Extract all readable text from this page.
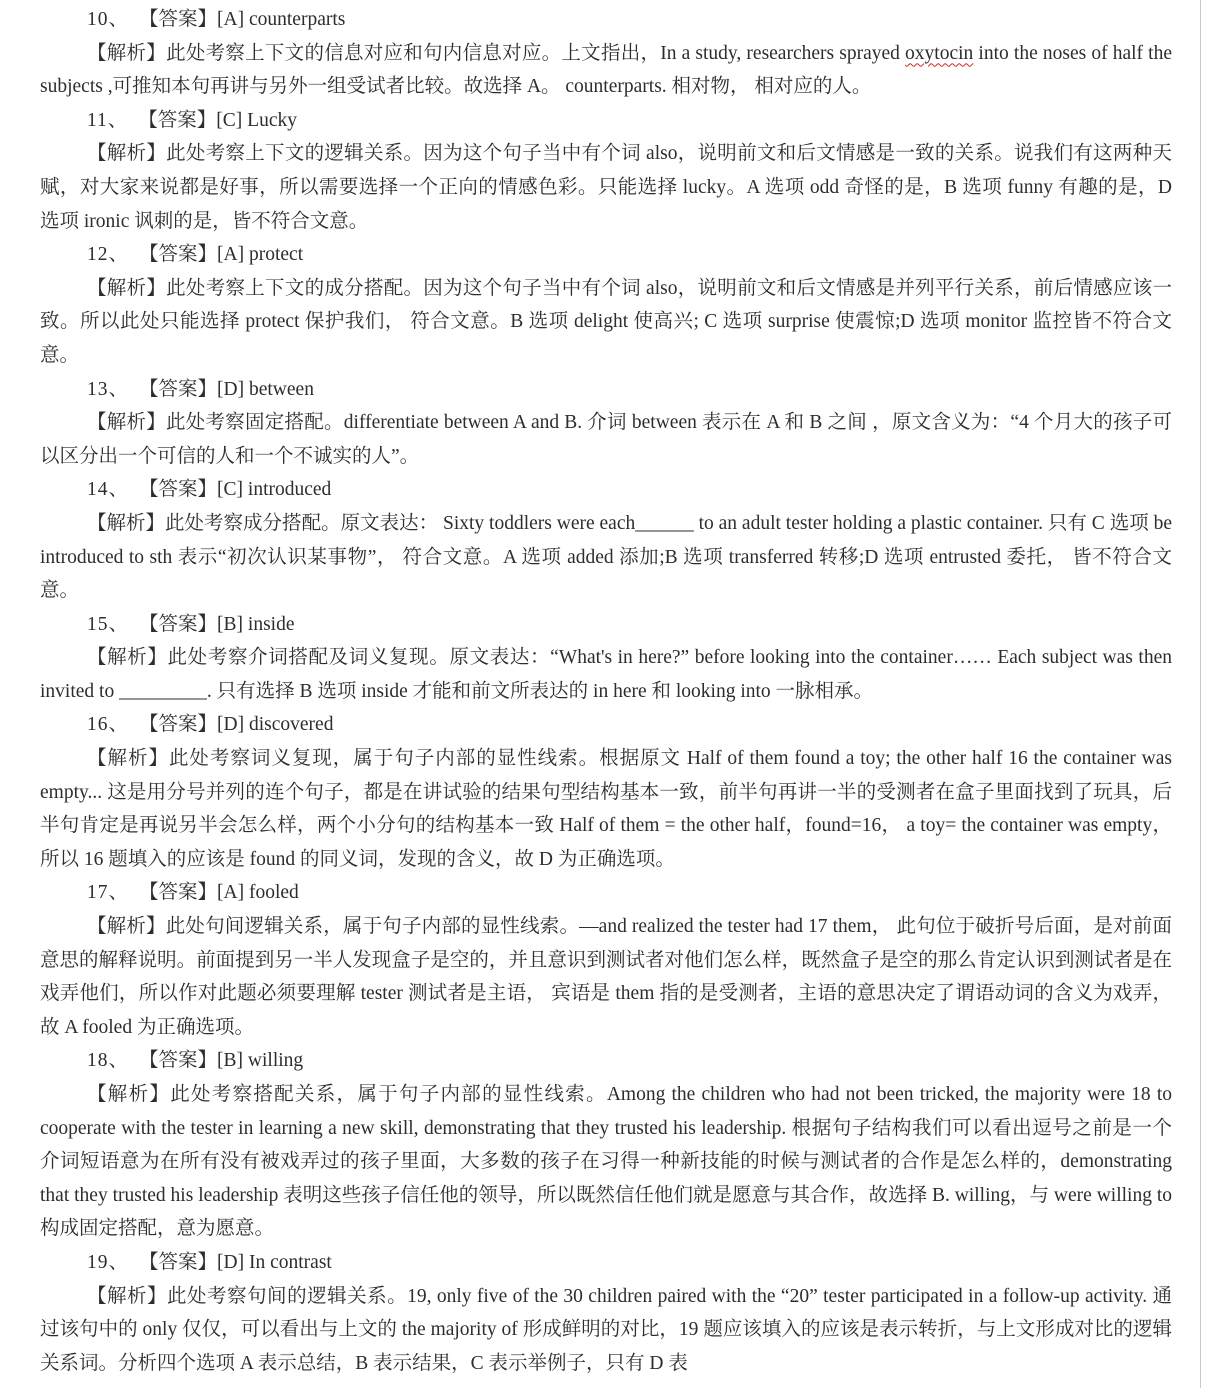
10、 【答案】[A] counterparts

【解析】此处考察上下文的信息对应和句内信息对应。上文指出，In a study, researchers sprayed oxytocin into the noses of half the subjects ,可推知本句再讲与另外一组受试者比较。故选择 A。 counterparts. 相对物， 相对应的人。

11、 【答案】[C] Lucky

【解析】此处考察上下文的逻辑关系。因为这个句子当中有个词 also，说明前文和后文情感是一致的关系。说我们有这两种天赋，对大家来说都是好事，所以需要选择一个正向的情感色彩。只能选择 lucky。A 选项 odd 奇怪的是，B 选项 funny 有趣的是，D 选项 ironic 讽刺的是，皆不符合文意。

12、 【答案】[A] protect

【解析】此处考察上下文的成分搭配。因为这个句子当中有个词 also，说明前文和后文情感是并列平行关系，前后情感应该一致。所以此处只能选择 protect 保护我们， 符合文意。B 选项 delight 使高兴; C 选项 surprise 使震惊;D 选项 monitor 监控皆不符合文意。

13、 【答案】[D] between

【解析】此处考察固定搭配。differentiate between A and B. 介词 between 表示在 A 和 B 之间 ，原文含义为：“4 个月大的孩子可以区分出一个可信的人和一个不诚实的人”。

14、 【答案】[C] introduced

【解析】此处考察成分搭配。原文表达： Sixty toddlers were each______ to an adult tester holding a plastic container. 只有 C 选项 be introduced to sth 表示“初次认识某事物”， 符合文意。A 选项 added 添加;B 选项 transferred 转移;D 选项 entrusted 委托， 皆不符合文意。

15、 【答案】[B] inside

【解析】此处考察介词搭配及词义复现。原文表达：“What's in here?” before looking into the container…… Each subject was then invited to _________. 只有选择 B 选项 inside 才能和前文所表达的 in here 和 looking into 一脉相承。

16、 【答案】[D] discovered

【解析】此处考察词义复现，属于句子内部的显性线索。根据原文 Half of them found a toy; the other half 16 the container was empty... 这是用分号并列的连个句子，都是在讲试验的结果句型结构基本一致，前半句再讲一半的受测者在盒子里面找到了玩具，后半句肯定是再说另半会怎么样，两个小分句的结构基本一致 Half of them = the other half，found=16， a toy= the container was empty，所以 16 题填入的应该是 found 的同义词，发现的含义，故 D 为正确选项。

17、 【答案】[A] fooled

【解析】此处句间逻辑关系，属于句子内部的显性线索。—and realized the tester had 17 them， 此句位于破折号后面，是对前面意思的解释说明。前面提到另一半人发现盒子是空的，并且意识到测试者对他们怎么样，既然盒子是空的那么肯定认识到测试者是在戏弄他们，所以作对此题必须要理解 tester 测试者是主语， 宾语是 them 指的是受测者，主语的意思决定了谓语动词的含义为戏弄， 故 A fooled 为正确选项。

18、 【答案】[B] willing

【解析】此处考察搭配关系，属于句子内部的显性线索。Among the children who had not been tricked, the majority were 18 to cooperate with the tester in learning a new skill, demonstrating that they trusted his leadership. 根据句子结构我们可以看出逗号之前是一个介词短语意为在所有没有被戏弄过的孩子里面，大多数的孩子在习得一种新技能的时候与测试者的合作是怎么样的，demonstrating that they trusted his leadership 表明这些孩子信任他的领导，所以既然信任他们就是愿意与其合作，故选择 B. willing，与 were willing to 构成固定搭配，意为愿意。

19、 【答案】[D] In contrast

【解析】此处考察句间的逻辑关系。19, only five of the 30 children paired with the “20” tester participated in a follow-up activity. 通过该句中的 only 仅仅，可以看出与上文的 the majority of 形成鲜明的对比，19 题应该填入的应该是表示转折，与上文形成对比的逻辑关系词。分析四个选项 A 表示总结，B 表示结果，C 表示举例子，只有 D 表
